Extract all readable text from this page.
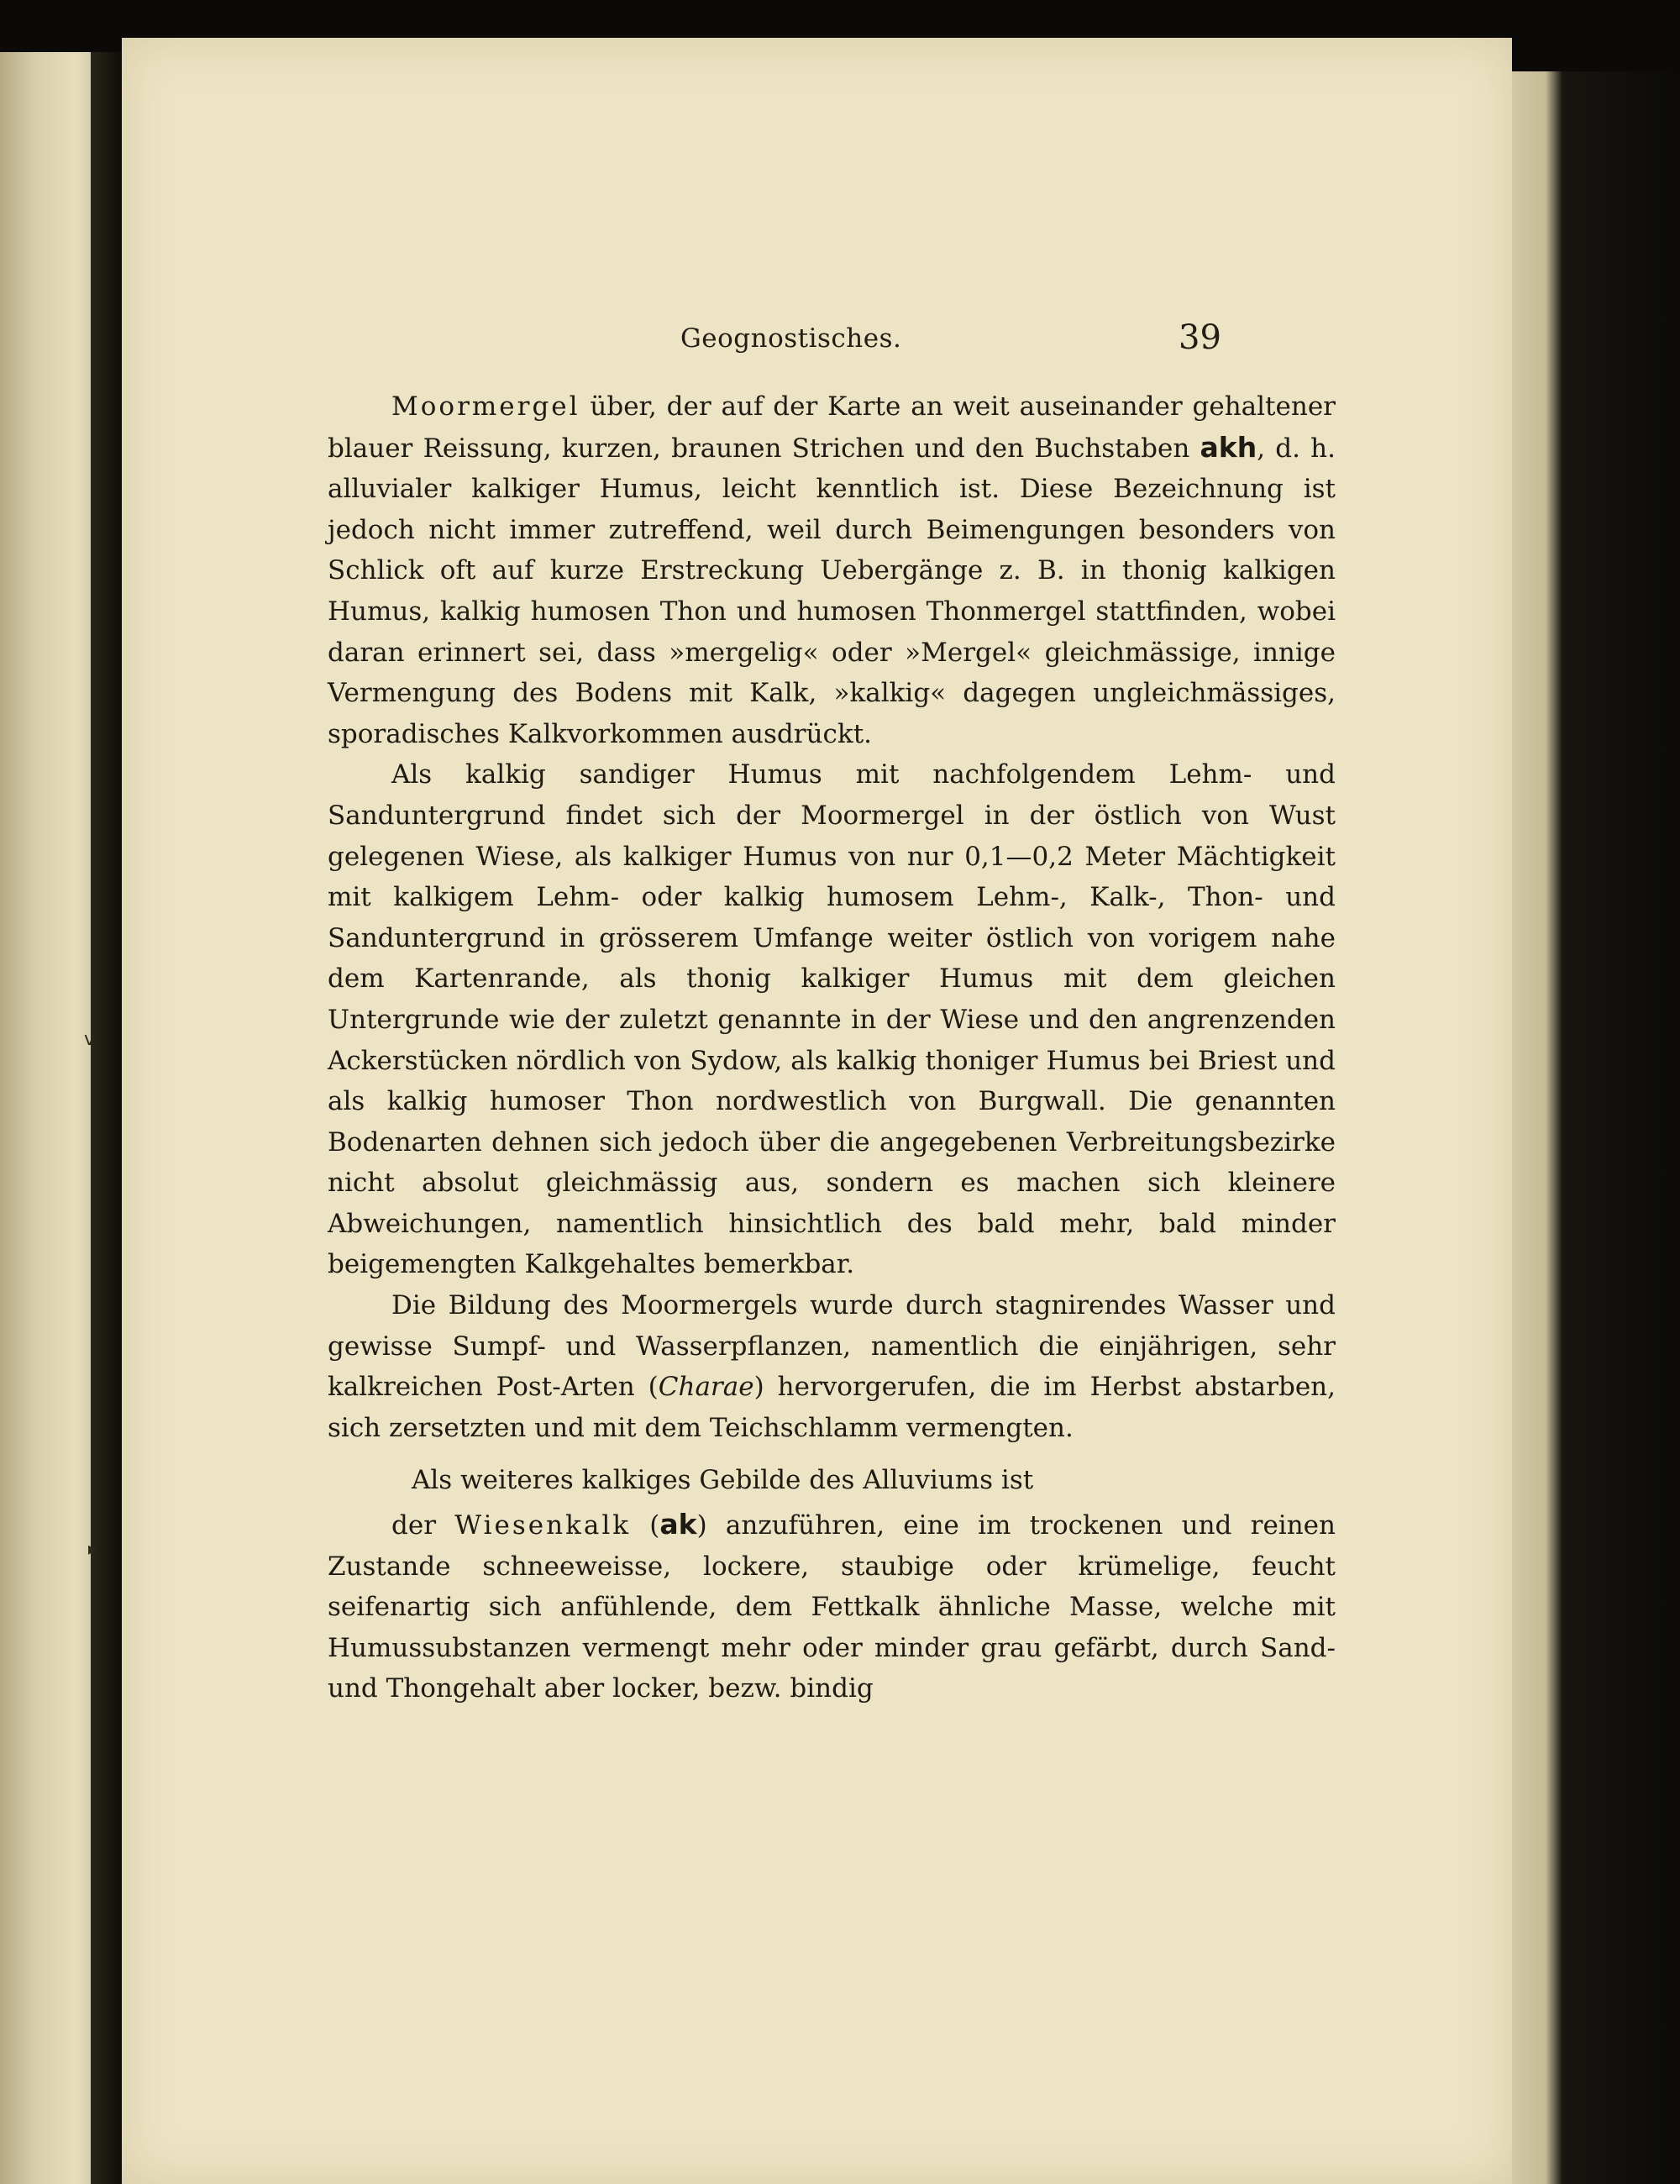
v
▸
Geognostisches.	39

Moormergel über, der auf der Karte an weit auseinander gehaltener blauer Reissung, kurzen, braunen Strichen und den Buchstaben akh, d. h. alluvialer kalkiger Humus, leicht kenntlich ist. Diese Bezeichnung ist jedoch nicht immer zutreffend, weil durch Beimengungen besonders von Schlick oft auf kurze Erstreckung Uebergänge z. B. in thonig kalkigen Humus, kalkig humosen Thon und humosen Thonmergel stattfinden, wobei daran erinnert sei, dass »mergelig« oder »Mergel« gleichmässige, innige Vermengung des Bodens mit Kalk, »kalkig« dagegen ungleichmässiges, sporadisches Kalkvorkommen ausdrückt.

Als kalkig sandiger Humus mit nachfolgendem Lehm- und Sanduntergrund findet sich der Moormergel in der östlich von Wust gelegenen Wiese, als kalkiger Humus von nur 0,1—0,2 Meter Mächtigkeit mit kalkigem Lehm- oder kalkig humosem Lehm-, Kalk-, Thon- und Sanduntergrund in grösserem Umfange weiter östlich von vorigem nahe dem Kartenrande, als thonig kalkiger Humus mit dem gleichen Untergrunde wie der zuletzt genannte in der Wiese und den angrenzenden Ackerstücken nördlich von Sydow, als kalkig thoniger Humus bei Briest und als kalkig humoser Thon nordwestlich von Burgwall. Die genannten Bodenarten dehnen sich jedoch über die angegebenen Verbreitungsbezirke nicht absolut gleichmässig aus, sondern es machen sich kleinere Abweichungen, namentlich hinsichtlich des bald mehr, bald minder beigemengten Kalkgehaltes bemerkbar.

Die Bildung des Moormergels wurde durch stagnirendes Wasser und gewisse Sumpf- und Wasserpflanzen, namentlich die einjährigen, sehr kalkreichen Post-Arten (Charae) hervorgerufen, die im Herbst abstarben, sich zersetzten und mit dem Teichschlamm vermengten.

Als weiteres kalkiges Gebilde des Alluviums ist

der Wiesenkalk (ak) anzuführen, eine im trockenen und reinen Zustande schneeweisse, lockere, staubige oder krümelige, feucht seifenartig sich anfühlende, dem Fettkalk ähnliche Masse, welche mit Humussubstanzen vermengt mehr oder minder grau gefärbt, durch Sand- und Thongehalt aber locker, bezw. bindig
